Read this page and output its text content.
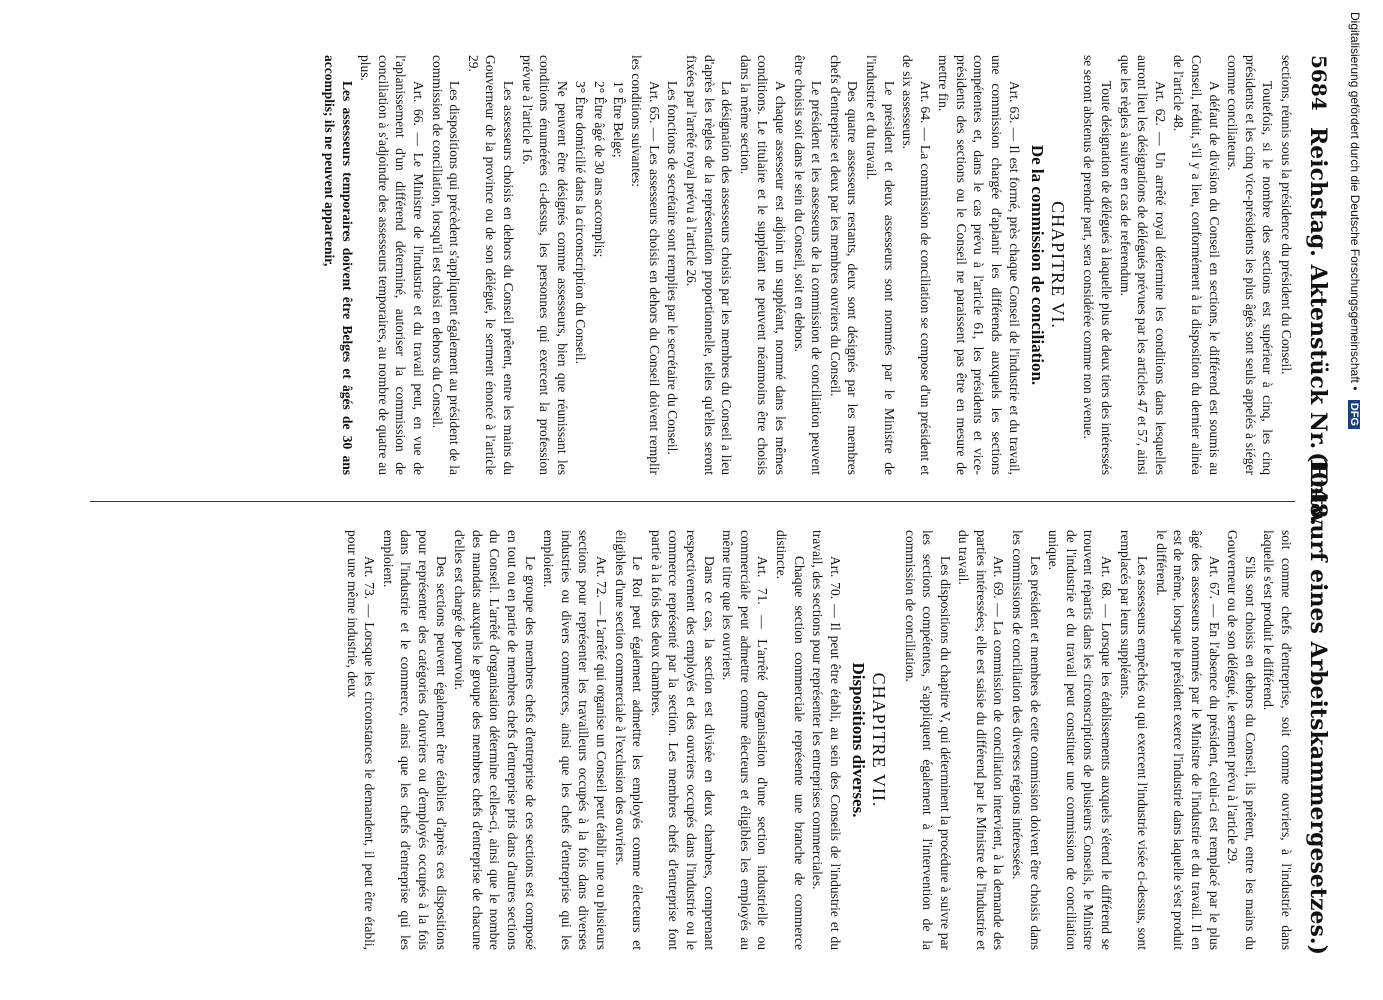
5684
Reichstag. Aktenstück Nr. 1048.
(Entwurf eines Arbeitskammergesetzes.)

sections, réunis sous la présidence du président du Conseil.

Toutefois, si le nombre des sections est supérieur à cinq, les cinq présidents et les cinq vice-présidents les plus âgés sont seuls appelés à siéger comme conciliateurs.

A défaut de division du Conseil en sections, le différend est soumis au Conseil, réduit, s'il y a lieu, conformément à la disposition du dernier alinéa de l'article 48.

Art. 62. — Un arrêté royal détermine les conditions dans lesquelles auront lieu les désignations de délégués prévues par les articles 47 et 57, ainsi que les règles à suivre en cas de referendum.

Toute désignation de délégués à laquelle plus de deux tiers des intéressés se seront abstenus de prendre part, sera considérée comme non avenue.

CHAPITRE VI.

De la commission de conciliation.

Art. 63. — Il est formé, près chaque Conseil de l'industrie et du travail, une commission chargée d'aplanir les différends auxquels les sections compétentes et, dans le cas prévu à l'article 61, les présidents et vice-présidents des sections ou le Conseil ne paraissent pas être en mesure de mettre fin.

Art. 64. — La commission de conciliation se compose d'un président et de six assesseurs.

Le président et deux assesseurs sont nommés par le Ministre de l'industrie et du travail.

Des quatre assesseurs restants, deux sont désignés par les membres chefs d'entreprise et deux par les membres ouvriers du Conseil.

Le président et les assesseurs de la commission de conciliation peuvent être choisis soit dans le sein du Conseil, soit en dehors.

A chaque assesseur est adjoint un suppléant, nommé dans les mêmes conditions. Le titulaire et le suppléant ne peuvent néanmoins être choisis dans la même section.

La désignation des assesseurs choisis par les membres du Conseil a lieu d'après les règles de la représentation proportionnelle, telles qu'elles seront fixées par l'arrêté royal prévu à l'article 26.

Les fonctions de secrétaire sont remplies par le secrétaire du Conseil.

Art. 65. — Les assesseurs choisis en dehors du Conseil doivent remplir les conditions suivantes:

1° Être Belge;

2° Être âgé de 30 ans accomplis;

3° Être domicilié dans la circonscription du Conseil.

Ne peuvent être désignés comme assesseurs, bien que réunissant les conditions énumérées ci-dessus, les personnes qui exercent la profession prévue à l'article 16.

Les assesseurs choisis en dehors du Conseil prêtent, entre les mains du Gouverneur de la province ou de son délégué, le serment énoncé à l'article 29.

Les dispositions qui précèdent s'appliquent également au président de la commission de conciliation, lorsqu'il est choisi en dehors du Conseil.

Art. 66. — Le Ministre de l'industrie et du travail peut, en vue de l'aplanissement d'un différend déterminé, autoriser la commission de conciliation à s'adjoindre des assesseurs temporaires, au nombre de quatre au plus.

Les assesseurs temporaires doivent être Belges et âgés de 30 ans accomplis; ils ne peuvent appartenir,

soit comme chefs d'entreprise, soit comme ouvriers, à l'industrie dans laquelle s'est produit le différend.

S'ils sont choisis en dehors du Conseil, ils prêtent, entre les mains du Gouverneur ou de son délégué, le serment prévu à l'article 29.

Art. 67. — En l'absence du président, celui-ci est remplacé par le plus âgé des assesseurs nommés par le Ministre de l'industrie et du travail. Il en est de même, lorsque le président exerce l'industrie dans laquelle s'est produit le différend.

Les assesseurs empêchés ou qui exercent l'industrie visée ci-dessus, sont remplacés par leurs suppléants.

Art. 68. — Lorsque les établissements auxquels s'étend le différend se trouvent répartis dans les circonscriptions de plusieurs Conseils, le Ministre de l'industrie et du travail peut constituer une commission de conciliation unique.

Les président et membres de cette commission doivent être choisis dans les commissions de conciliation des diverses régions intéressées.

Art. 69. — La commission de conciliation intervient, à la demande des parties intéressées; elle est saisie du différend par le Ministre de l'industrie et du travail.

Les dispositions du chapitre V, qui déterminent la procédure à suivre par les sections compétentes, s'appliquent également à l'intervention de la commission de conciliation.

CHAPITRE VII.

Dispositions diverses.

Art. 70. — Il peut être établi, au sein des Conseils de l'industrie et du travail, des sections pour représenter les entreprises commerciales.

Chaque section commerciale représente une branche de commerce distincte.

Art. 71. — L'arrêté d'organisation d'une section industrielle ou commerciale peut admettre comme électeurs et éligibles les employés au même titre que les ouvriers.

Dans ce cas, la section est divisée en deux chambres, comprenant respectivement des employés et des ouvriers occupés dans l'industrie ou le commerce représenté par la section. Les membres chefs d'entreprise font partie à la fois des deux chambres.

Le Roi peut également admettre les employés comme électeurs et éligibles d'une section commerciale à l'exclusion des ouvriers.

Art. 72. — L'arrêté qui organise un Conseil peut établir une ou plusieurs sections pour représenter les travailleurs occupés à la fois dans diverses industries ou divers commerces, ainsi que les chefs d'entreprise qui les emploient.

Le groupe des membres chefs d'entreprise de ces sections est composé en tout ou en partie de membres chefs d'entreprise pris dans d'autres sections du Conseil. L'arrêté d'organisation détermine celles-ci, ainsi que le nombre des mandats auxquels le groupe des membres chefs d'entreprise de chacune d'elles est chargé de pourvoir.

Des sections peuvent également être établies d'après ces dispositions pour représenter des catégories d'ouvriers ou d'employés occupés à la fois dans l'industrie et le commerce, ainsi que les chefs d'entreprise qui les emploient.

Art. 73. — Lorsque les circonstances le demandent, il peut être établi, pour une même industrie, deux

Digitalisierung gefördert durch die Deutsche Forschungsgemeinschaft • DFG
